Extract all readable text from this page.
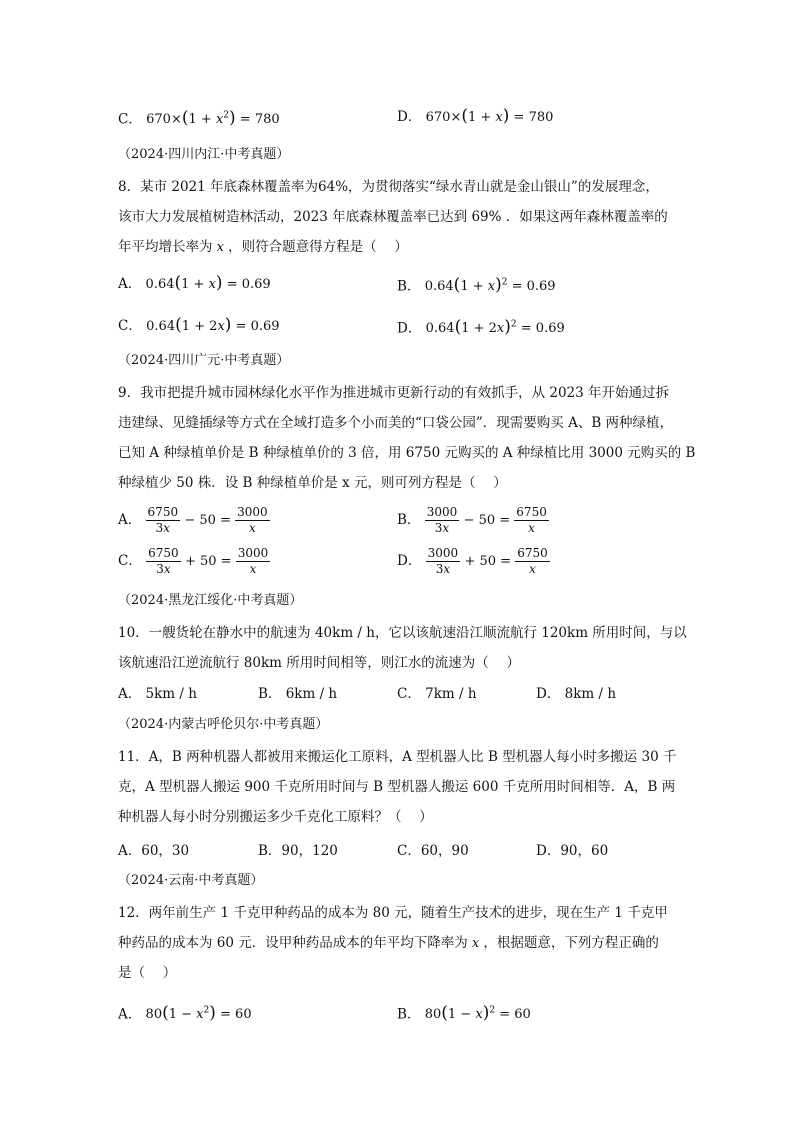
C． $670\times(1 + x^2) = 780$	D． 670×(1 + x) = 780
（2024·四川内江·中考真题）
8．某市 2021 年底森林覆盖率为64%，为贯彻落实“绿水青山就是金山银山”的发展理念，
该市大力发展植树造林活动，2023 年底森林覆盖率已达到 69% ．如果这两年森林覆盖率的
年平均增长率为 x ，则符合题意得方程是（　 ）
A． 0.64(1 + x) = 0.69	B． $0.64(1 + x)^2 = 0.69$
C． 0.64(1 + 2x) = 0.69	D． $0.64(1 + 2x)^2 = 0.69$
（2024·四川广元·中考真题）
9．我市把提升城市园林绿化水平作为推进城市更新行动的有效抓手，从 2023 年开始通过拆
违建绿、见缝插绿等方式在全域打造多个小而美的“口袋公园”．现需要购买 A、B 两种绿植，
已知 A 种绿植单价是 B 种绿植单价的 3 倍，用 6750 元购买的 A 种绿植比用 3000 元购买的 B
种绿植少 50 株．设 B 种绿植单价是 x 元，则可列方程是（　 ）
A． $\frac{6750}{3x} - 50 = \frac{3000}{x}$	B． $\frac{3000}{3x} - 50 = \frac{6750}{x}$
C． $\frac{6750}{3x} + 50 = \frac{3000}{x}$	D． $\frac{3000}{3x} + 50 = \frac{6750}{x}$
（2024·黑龙江绥化·中考真题）
10．一艘货轮在静水中的航速为 40km / h，它以该航速沿江顺流航行 120km 所用时间，与以
该航速沿江逆流航行 80km 所用时间相等，则江水的流速为（　 ）
A． 5km / h	B． 6km / h	C． 7km / h	D． 8km / h
（2024·内蒙古呼伦贝尔·中考真题）
11．A，B 两种机器人都被用来搬运化工原料，A 型机器人比 B 型机器人每小时多搬运 30 千
克，A 型机器人搬运 900 千克所用时间与 B 型机器人搬运 600 千克所用时间相等．A，B 两
种机器人每小时分别搬运多少千克化工原料？（　 ）
A．60，30	B．90，120	C．60，90	D．90，60
（2024·云南·中考真题）
12．两年前生产 1 千克甲种药品的成本为 80 元，随着生产技术的进步，现在生产 1 千克甲
种药品的成本为 60 元．设甲种药品成本的年平均下降率为 x ，根据题意，下列方程正确的
是（　 ）
A． $80(1 - x^2) = 60$	B． $80(1 - x)^2 = 60$
